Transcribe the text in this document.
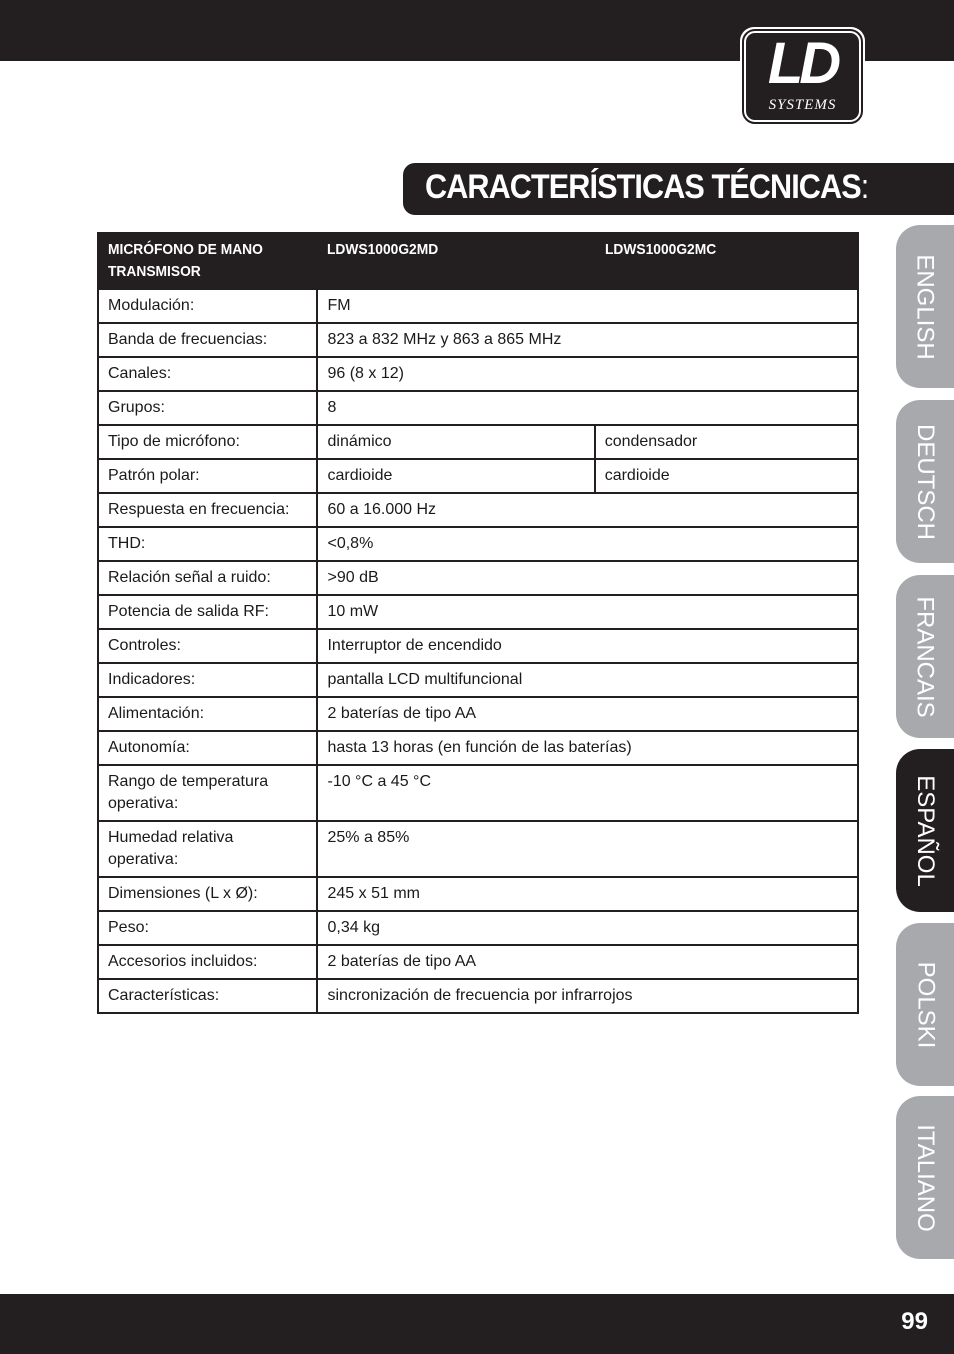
LD
SYSTEMS
CARACTERÍSTICAS TÉCNICAS:
MICRÓFONO DE MANO TRANSMISOR	LDWS1000G2MD	LDWS1000G2MC
Modulación:	FM	
Banda de frecuencias:	823 a 832 MHz y 863 a 865 MHz	
Canales:	96 (8 x 12)	
Grupos:	8	
Tipo de micrófono:	dinámico	condensador
Patrón polar:	cardioide	cardioide
Respuesta en frecuencia:	60 a 16.000 Hz	
THD:	<0,8%	
Relación señal a ruido:	>90 dB	
Potencia de salida RF:	10 mW	
Controles:	Interruptor de encendido	
Indicadores:	pantalla LCD multifuncional	
Alimentación:	2 baterías de tipo AA	
Autonomía:	hasta 13 horas (en función de las baterías)	
Rango de temperatura operativa:	-10 °C a 45 °C	
Humedad relativa operativa:	25% a 85%	
Dimensiones (L x Ø):	245 x 51 mm	
Peso:	0,34 kg	
Accesorios incluidos:	2 baterías de tipo AA	
Características:	sincronización de frecuencia por infrarrojos	
ENGLISH
DEUTSCH
FRANCAIS
ESPAÑOL
POLSKI
ITALIANO
99
